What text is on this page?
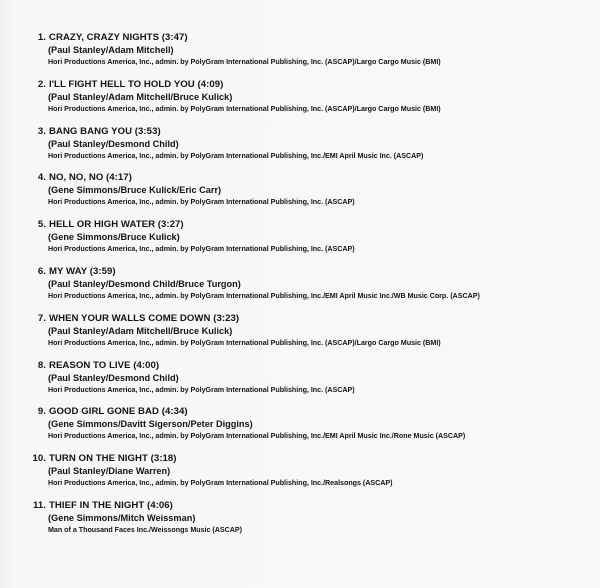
1. CRAZY, CRAZY NIGHTS (3:47)
(Paul Stanley/Adam Mitchell)
Hori Productions America, Inc., admin. by PolyGram International Publishing, Inc. (ASCAP)/Largo Cargo Music (BMI)
2. I'LL FIGHT HELL TO HOLD YOU (4:09)
(Paul Stanley/Adam Mitchell/Bruce Kulick)
Hori Productions America, Inc., admin. by PolyGram International Publishing, Inc. (ASCAP)/Largo Cargo Music (BMI)
3. BANG BANG YOU (3:53)
(Paul Stanley/Desmond Child)
Hori Productions America, Inc., admin. by PolyGram International Publishing, Inc./EMI April Music Inc. (ASCAP)
4. NO, NO, NO (4:17)
(Gene Simmons/Bruce Kulick/Eric Carr)
Hori Productions America, Inc., admin. by PolyGram International Publishing, Inc. (ASCAP)
5. HELL OR HIGH WATER (3:27)
(Gene Simmons/Bruce Kulick)
Hori Productions America, Inc., admin. by PolyGram International Publishing, Inc. (ASCAP)
6. MY WAY (3:59)
(Paul Stanley/Desmond Child/Bruce Turgon)
Hori Productions America, Inc., admin. by PolyGram International Publishing, Inc./EMI April Music Inc./WB Music Corp. (ASCAP)
7. WHEN YOUR WALLS COME DOWN (3:23)
(Paul Stanley/Adam Mitchell/Bruce Kulick)
Hori Productions America, Inc., admin. by PolyGram International Publishing, Inc. (ASCAP)/Largo Cargo Music (BMI)
8. REASON TO LIVE (4:00)
(Paul Stanley/Desmond Child)
Hori Productions America, Inc., admin. by PolyGram International Publishing, Inc. (ASCAP)
9. GOOD GIRL GONE BAD (4:34)
(Gene Simmons/Davitt Sigerson/Peter Diggins)
Hori Productions America, Inc., admin. by PolyGram International Publishing, Inc./EMI April Music Inc./Rone Music (ASCAP)
10. TURN ON THE NIGHT (3:18)
(Paul Stanley/Diane Warren)
Hori Productions America, Inc., admin. by PolyGram International Publishing, Inc./Realsongs (ASCAP)
11. THIEF IN THE NIGHT (4:06)
(Gene Simmons/Mitch Weissman)
Man of a Thousand Faces Inc./Weissongs Music (ASCAP)
